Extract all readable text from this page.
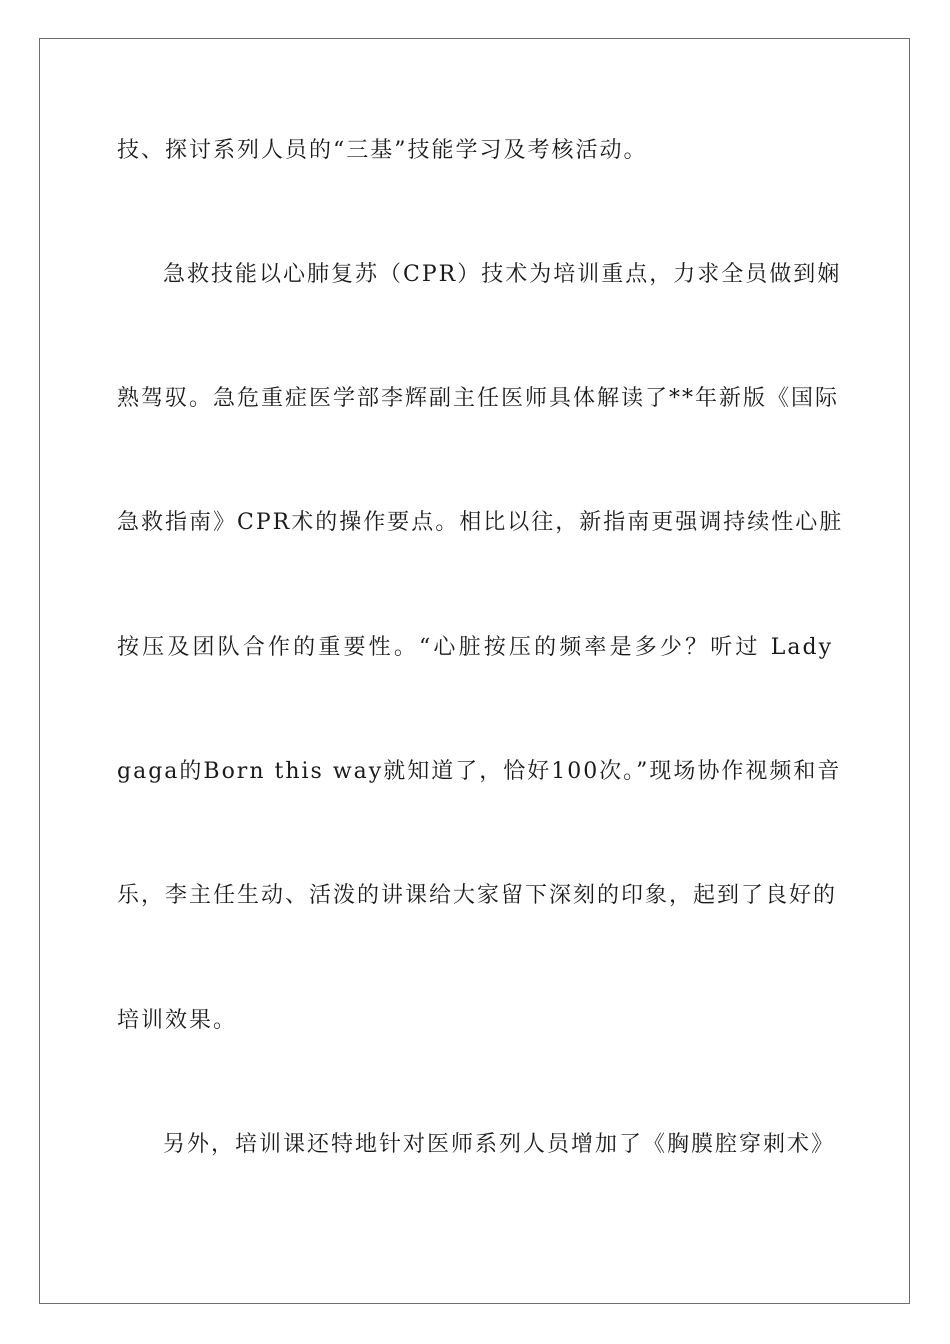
技、探讨系列人员的“三基”技能学习及考核活动。
急救技能以心肺复苏（CPR）技术为培训重点，力求全员做到娴
熟驾驭。急危重症医学部李辉副主任医师具体解读了**年新版《国际
急救指南》CPR术的操作要点。相比以往，新指南更强调持续性心脏
按压及团队合作的重要性。“心脏按压的频率是多少？听过 Lady
gaga的Born this way就知道了，恰好100次。”现场协作视频和音
乐，李主任生动、活泼的讲课给大家留下深刻的印象，起到了良好的
培训效果。
另外，培训课还特地针对医师系列人员增加了《胸膜腔穿刺术》
